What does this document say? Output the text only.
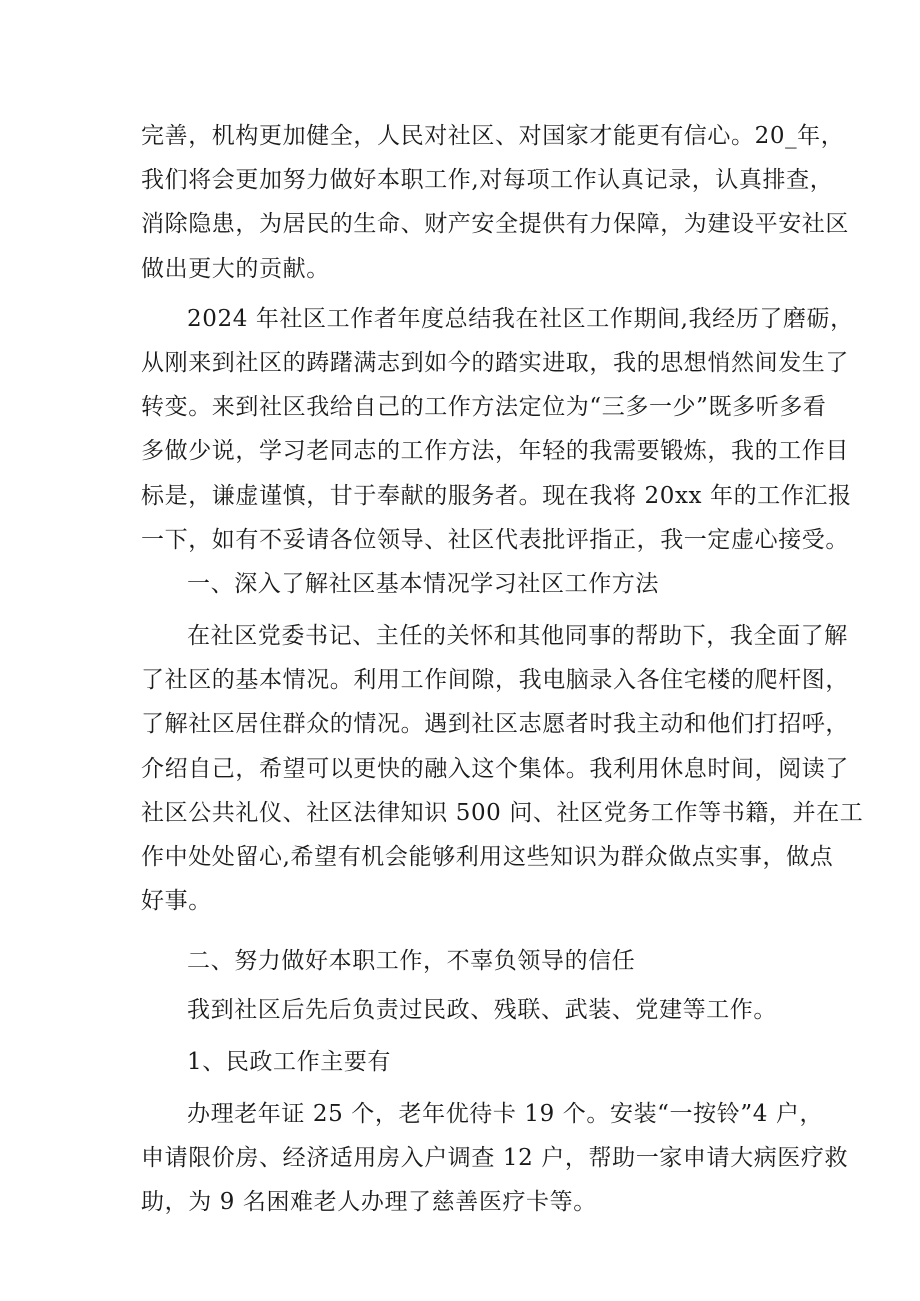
完善，机构更加健全，人民对社区、对国家才能更有信心。20_年，
我们将会更加努力做好本职工作,对每项工作认真记录，认真排查，
消除隐患，为居民的生命、财产安全提供有力保障，为建设平安社区
做出更大的贡献。
2024 年社区工作者年度总结我在社区工作期间,我经历了磨砺，
从刚来到社区的踌躇满志到如今的踏实进取，我的思想悄然间发生了
转变。来到社区我给自己的工作方法定位为“三多一少”既多听多看
多做少说，学习老同志的工作方法，年轻的我需要锻炼，我的工作目
标是，谦虚谨慎，甘于奉献的服务者。现在我将 20xx 年的工作汇报
一下，如有不妥请各位领导、社区代表批评指正，我一定虚心接受。
一、深入了解社区基本情况学习社区工作方法
在社区党委书记、主任的关怀和其他同事的帮助下，我全面了解
了社区的基本情况。利用工作间隙，我电脑录入各住宅楼的爬杆图，
了解社区居住群众的情况。遇到社区志愿者时我主动和他们打招呼，
介绍自己，希望可以更快的融入这个集体。我利用休息时间，阅读了
社区公共礼仪、社区法律知识 500 问、社区党务工作等书籍，并在工
作中处处留心,希望有机会能够利用这些知识为群众做点实事，做点
好事。
二、努力做好本职工作，不辜负领导的信任
我到社区后先后负责过民政、残联、武装、党建等工作。
1、民政工作主要有
办理老年证 25 个，老年优待卡 19 个。安装“一按铃”4 户，
申请限价房、经济适用房入户调查 12 户，帮助一家申请大病医疗救
助，为 9 名困难老人办理了慈善医疗卡等。
